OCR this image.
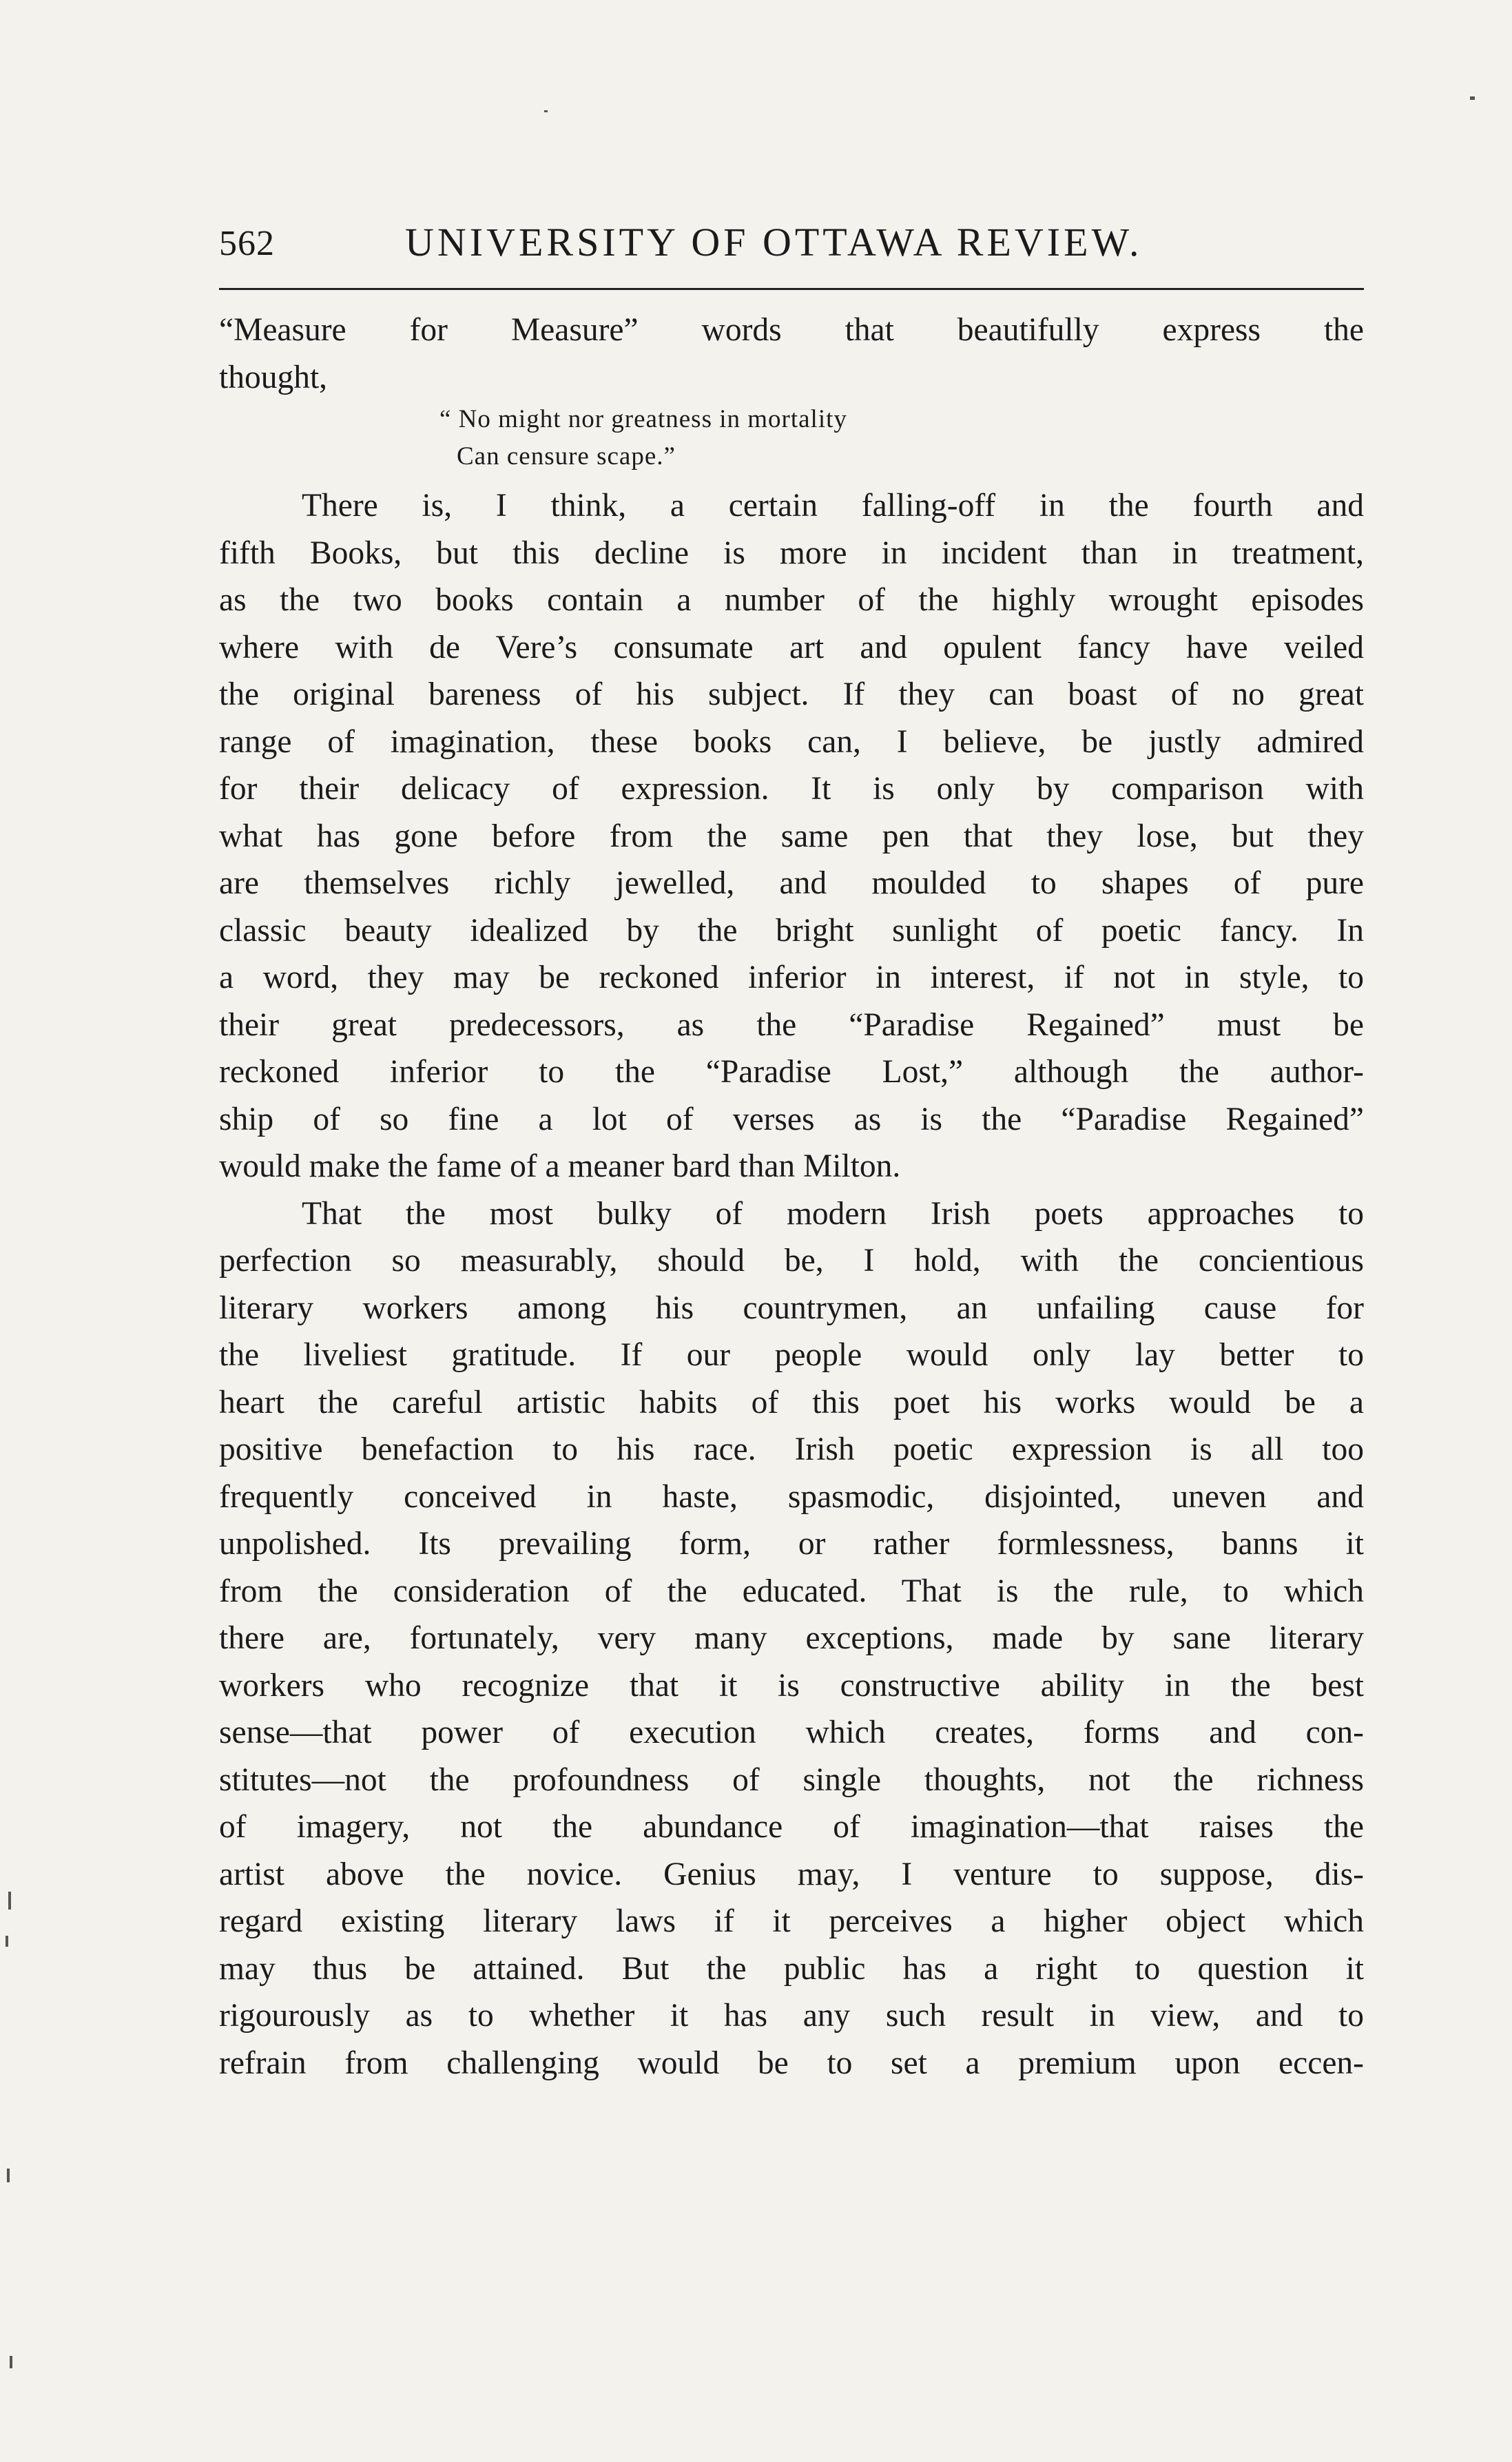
562	UNIVERSITY OF OTTAWA REVIEW.
“Measure for Measure” words that beautifully express the
thought,
“ No might nor greatness in mortality
Can censure scape.”
There is, I think, a certain falling-off in the fourth and
fifth Books, but this decline is more in incident than in treatment,
as the two books contain a number of the highly wrought episodes
where with de Vere’s consumate art and opulent fancy have veiled
the original bareness of his subject. If they can boast of no great
range of imagination, these books can, I believe, be justly admired
for their delicacy of expression. It is only by comparison with
what has gone before from the same pen that they lose, but they
are themselves richly jewelled, and moulded to shapes of pure
classic beauty idealized by the bright sunlight of poetic fancy. In
a word, they may be reckoned inferior in interest, if not in style, to
their great predecessors, as the “Paradise Regained” must be
reckoned inferior to the “Paradise Lost,” although the author-
ship of so fine a lot of verses as is the “Paradise Regained”
would make the fame of a meaner bard than Milton.
That the most bulky of modern Irish poets approaches to
perfection so measurably, should be, I hold, with the concientious
literary workers among his countrymen, an unfailing cause for
the liveliest gratitude. If our people would only lay better to
heart the careful artistic habits of this poet his works would be a
positive benefaction to his race. Irish poetic expression is all too
frequently conceived in haste, spasmodic, disjointed, uneven and
unpolished. Its prevailing form, or rather formlessness, banns it
from the consideration of the educated. That is the rule, to which
there are, fortunately, very many exceptions, made by sane literary
workers who recognize that it is constructive ability in the best
sense—that power of execution which creates, forms and con-
stitutes—not the profoundness of single thoughts, not the richness
of imagery, not the abundance of imagination—that raises the
artist above the novice. Genius may, I venture to suppose, dis-
regard existing literary laws if it perceives a higher object which
may thus be attained. But the public has a right to question it
rigourously as to whether it has any such result in view, and to
refrain from challenging would be to set a premium upon eccen-
